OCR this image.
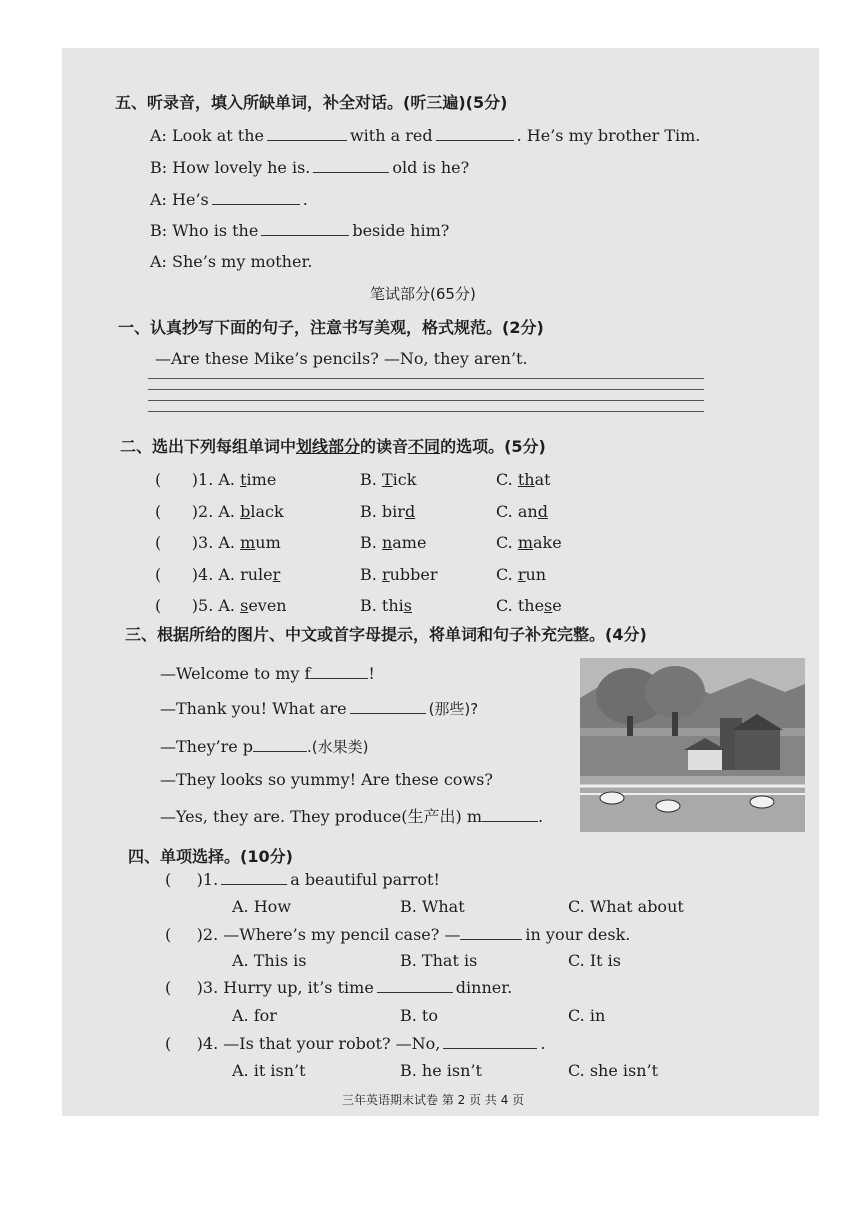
五、听录音，填入所缺单词，补全对话。(听三遍)(5分)
A: Look at the	with a red	. He’s my brother Tim.
B: How lovely he is.	old is he?
A: He’s	.
B: Who is the	beside him?
A: She’s my mother.
笔试部分(65分)
一、认真抄写下面的句子，注意书写美观，格式规范。(2分)
—Are these Mike’s pencils? —No, they aren’t.
二、选出下列每组单词中划线部分的读音不同的选项。(5分)
(      )1. A. time	B. Tick	C. that
(      )2. A. black	B. bird	C. and
(      )3. A. mum	B. name	C. make
(      )4. A. ruler	B. rubber	C. run
(      )5. A. seven	B. this	C. these
三、根据所给的图片、中文或首字母提示，将单词和句子补充完整。(4分)
—Welcome to my f	!
—Thank you! What are	(那些)?
—They’re p	.(水果类)
—They looks so yummy! Are these cows?
—Yes, they are. They produce(生产出) m	.
四、单项选择。(10分)
(     )1.	a beautiful parrot!
A. How	B. What	C. What about
(     )2. —Where’s my pencil case? —	in your desk.
A. This is	B. That is	C. It is
(     )3. Hurry up, it’s time	dinner.
A. for	B. to	C. in
(     )4. —Is that your robot? —No,	.
A. it isn’t	B. he isn’t	C. she isn’t
三年英语期末试卷 第 2 页 共 4 页
